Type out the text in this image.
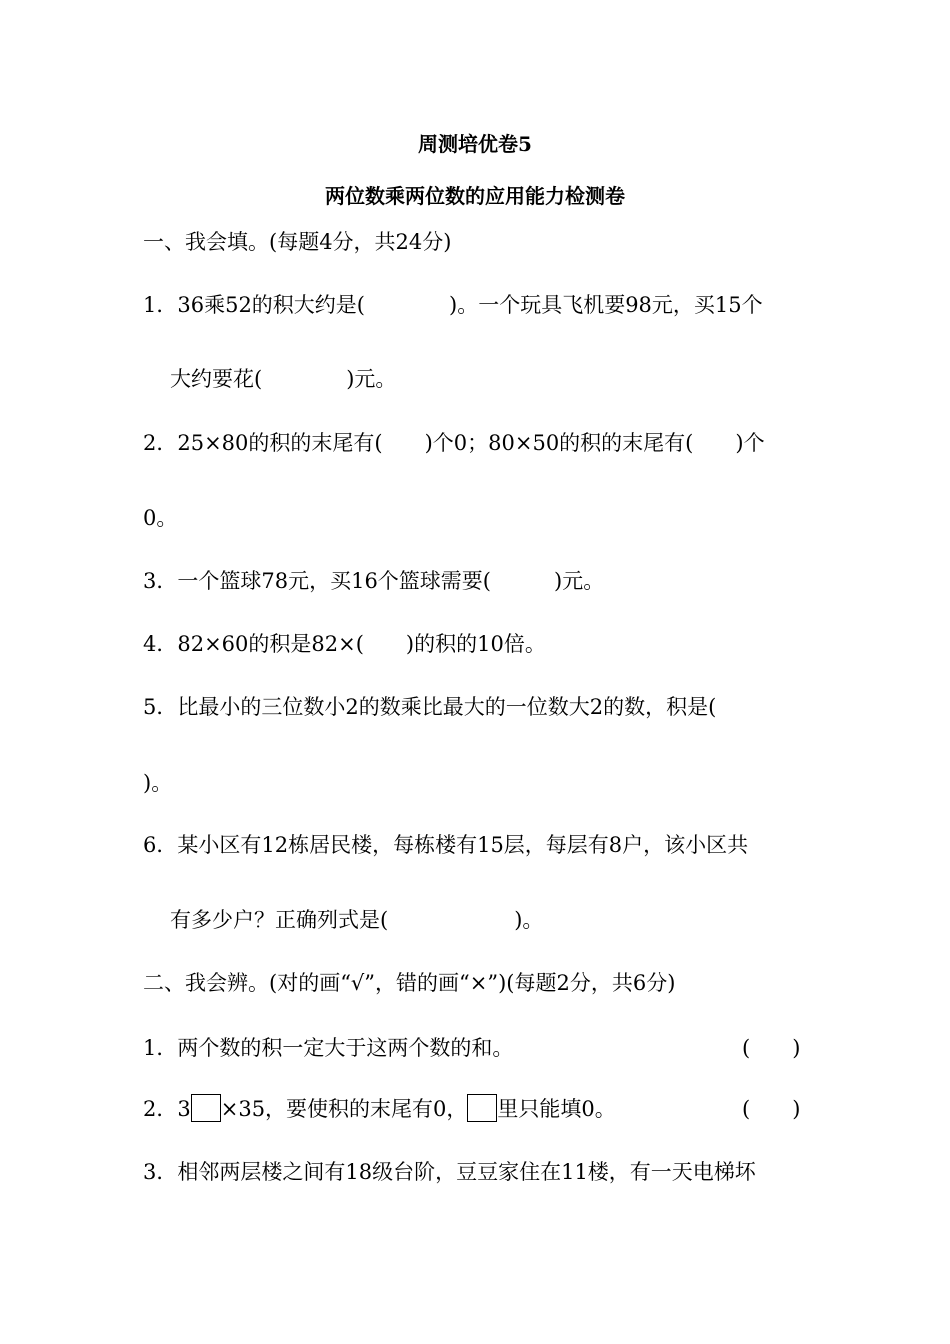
周测培优卷5
两位数乘两位数的应用能力检测卷
一、我会填。(每题4分，共24分)
1．36乘52的积大约是(　　　　)。一个玩具飞机要98元，买15个
大约要花(　　　　)元。
2．25×80的积的末尾有(　　)个0；80×50的积的末尾有(　　)个
0。
3．一个篮球78元，买16个篮球需要(　　　)元。
4．82×60的积是82×(　　)的积的10倍。
5．比最小的三位数小2的数乘比最大的一位数大2的数，积是(
)。
6．某小区有12栋居民楼，每栋楼有15层，每层有8户，该小区共
有多少户？正确列式是(　　　　　　)。
二、我会辨。(对的画“√”，错的画“×”)(每题2分，共6分)
1．两个数的积一定大于这两个数的和。	(　　)
2．3 ×35，要使积的末尾有0， 里只能填0。	(　　)
3．相邻两层楼之间有18级台阶，豆豆家住在11楼，有一天电梯坏
